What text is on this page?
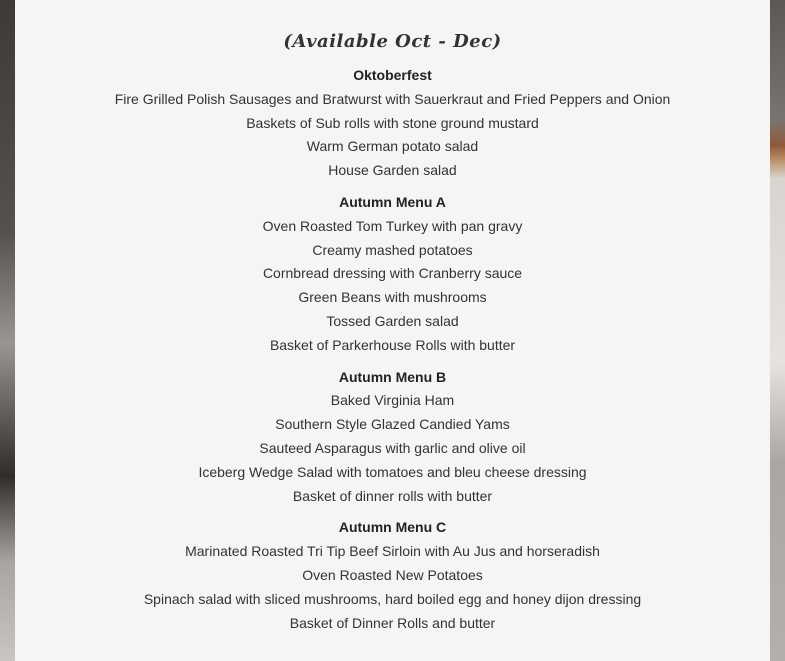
(Available Oct - Dec)

Oktoberfest

Fire Grilled Polish Sausages and Bratwurst with Sauerkraut and Fried Peppers and Onion

Baskets of Sub rolls with stone ground mustard

Warm German potato salad

House Garden salad

Autumn Menu A

Oven Roasted Tom Turkey with pan gravy

Creamy mashed potatoes

Cornbread dressing with Cranberry sauce

Green Beans with mushrooms

Tossed Garden salad

Basket of Parkerhouse Rolls with butter

Autumn Menu B

Baked Virginia Ham

Southern Style Glazed Candied Yams

Sauteed Asparagus with garlic and olive oil

Iceberg Wedge Salad with tomatoes and bleu cheese dressing

Basket of dinner rolls with butter

Autumn Menu C

Marinated Roasted Tri Tip Beef Sirloin with Au Jus and horseradish

Oven Roasted New Potatoes

Spinach salad with sliced mushrooms, hard boiled egg and honey dijon dressing

Basket of Dinner Rolls and butter
